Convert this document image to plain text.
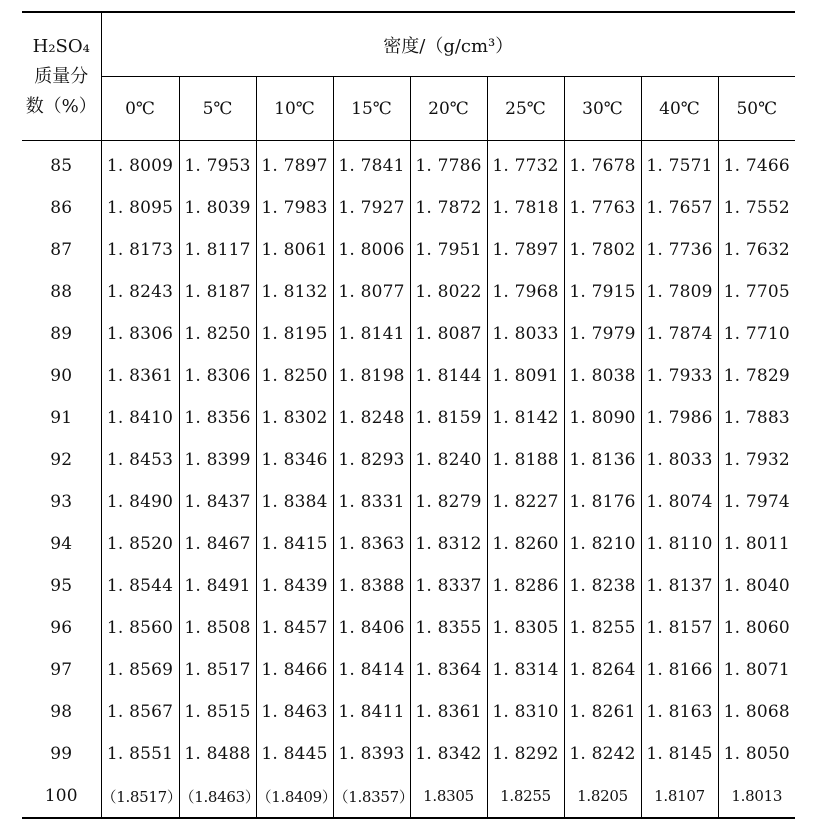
H₂SO₄
质量分
数（%）	密度/（g/cm³）								
	0℃	5℃	10℃	15℃	20℃	25℃	30℃	40℃	50℃
85	1. 8009	1. 7953	1. 7897	1. 7841	1. 7786	1. 7732	1. 7678	1. 7571	1. 7466
86	1. 8095	1. 8039	1. 7983	1. 7927	1. 7872	1. 7818	1. 7763	1. 7657	1. 7552
87	1. 8173	1. 8117	1. 8061	1. 8006	1. 7951	1. 7897	1. 7802	1. 7736	1. 7632
88	1. 8243	1. 8187	1. 8132	1. 8077	1. 8022	1. 7968	1. 7915	1. 7809	1. 7705
89	1. 8306	1. 8250	1. 8195	1. 8141	1. 8087	1. 8033	1. 7979	1. 7874	1. 7710
90	1. 8361	1. 8306	1. 8250	1. 8198	1. 8144	1. 8091	1. 8038	1. 7933	1. 7829
91	1. 8410	1. 8356	1. 8302	1. 8248	1. 8159	1. 8142	1. 8090	1. 7986	1. 7883
92	1. 8453	1. 8399	1. 8346	1. 8293	1. 8240	1. 8188	1. 8136	1. 8033	1. 7932
93	1. 8490	1. 8437	1. 8384	1. 8331	1. 8279	1. 8227	1. 8176	1. 8074	1. 7974
94	1. 8520	1. 8467	1. 8415	1. 8363	1. 8312	1. 8260	1. 8210	1. 8110	1. 8011
95	1. 8544	1. 8491	1. 8439	1. 8388	1. 8337	1. 8286	1. 8238	1. 8137	1. 8040
96	1. 8560	1. 8508	1. 8457	1. 8406	1. 8355	1. 8305	1. 8255	1. 8157	1. 8060
97	1. 8569	1. 8517	1. 8466	1. 8414	1. 8364	1. 8314	1. 8264	1. 8166	1. 8071
98	1. 8567	1. 8515	1. 8463	1. 8411	1. 8361	1. 8310	1. 8261	1. 8163	1. 8068
99	1. 8551	1. 8488	1. 8445	1. 8393	1. 8342	1. 8292	1. 8242	1. 8145	1. 8050
100	（1.8517）	（1.8463）	（1.8409）	（1.8357）	1.8305	1.8255	1.8205	1.8107	1.8013
